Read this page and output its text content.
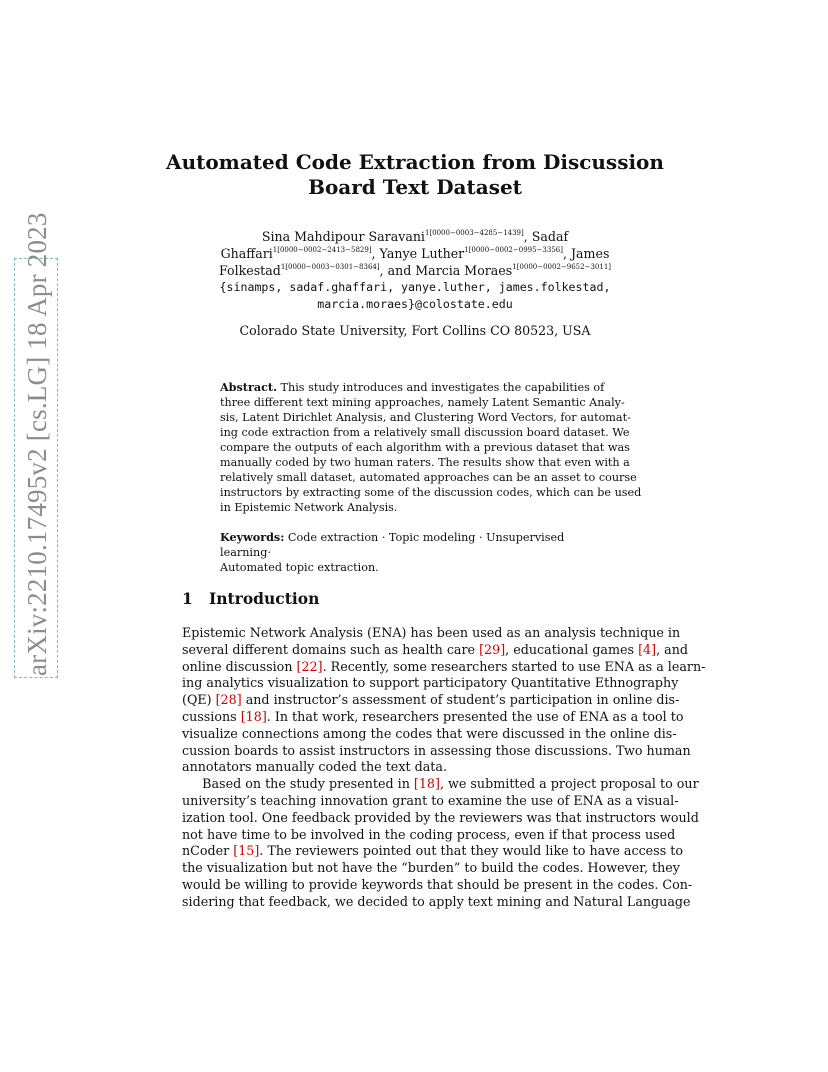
arXiv:2210.17495v2 [cs.LG] 18 Apr 2023
Automated Code Extraction from Discussion
Board Text Dataset
Sina Mahdipour Saravani$^{1[0000-0003-4285-1439]}$, Sadaf
Ghaffari$^{1[0000-0002-2413-5829]}$, Yanye Luther$^{1[0000-0002-0995-3356]}$, James
Folkestad$^{1[0000-0003-0301-8364]}$, and Marcia Moraes$^{1[0000-0002-9652-3011]}$
{sinamps, sadaf.ghaffari, yanye.luther, james.folkestad,
marcia.moraes}@colostate.edu
Colorado State University, Fort Collins CO 80523, USA
Abstract. This study introduces and investigates the capabilities of
three different text mining approaches, namely Latent Semantic Analy-
sis, Latent Dirichlet Analysis, and Clustering Word Vectors, for automat-
ing code extraction from a relatively small discussion board dataset. We
compare the outputs of each algorithm with a previous dataset that was
manually coded by two human raters. The results show that even with a
relatively small dataset, automated approaches can be an asset to course
instructors by extracting some of the discussion codes, which can be used
in Epistemic Network Analysis.
Keywords: Code extraction · Topic modeling · Unsupervised learning·
Automated topic extraction.
1 Introduction
Epistemic Network Analysis (ENA) has been used as an analysis technique in
several different domains such as health care [29], educational games [4], and
online discussion [22]. Recently, some researchers started to use ENA as a learn-
ing analytics visualization to support participatory Quantitative Ethnography
(QE) [28] and instructor’s assessment of student’s participation in online dis-
cussions [18]. In that work, researchers presented the use of ENA as a tool to
visualize connections among the codes that were discussed in the online dis-
cussion boards to assist instructors in assessing those discussions. Two human
annotators manually coded the text data.
Based on the study presented in [18], we submitted a project proposal to our
university’s teaching innovation grant to examine the use of ENA as a visual-
ization tool. One feedback provided by the reviewers was that instructors would
not have time to be involved in the coding process, even if that process used
nCoder [15]. The reviewers pointed out that they would like to have access to
the visualization but not have the “burden” to build the codes. However, they
would be willing to provide keywords that should be present in the codes. Con-
sidering that feedback, we decided to apply text mining and Natural Language
